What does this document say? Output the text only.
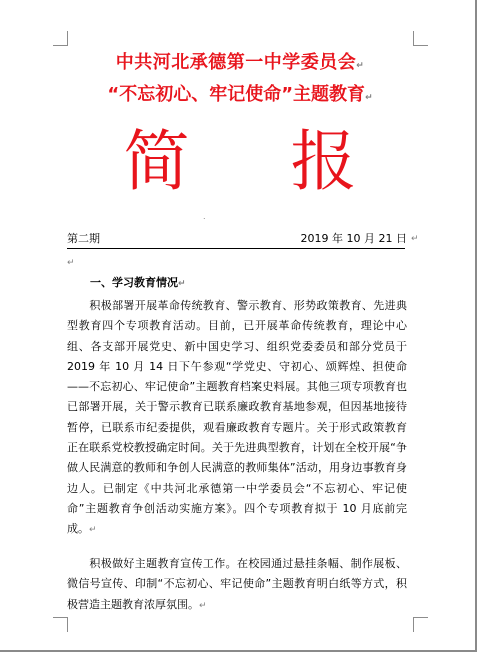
中共河北承德第一中学委员会↵
“不忘初心、牢记使命”主题教育↵
简 报
.
第二期	2019 年 10 月 21 日 ↵
↵
一、学习教育情况↵
积极部署开展革命传统教育、警示教育、形势政策教育、先进典型教育四个专项教育活动。目前，已开展革命传统教育，理论中心组、各支部开展党史、新中国史学习、组织党委委员和部分党员于 2019 年 10 月 14 日下午参观“学党史、守初心、颂辉煌、担使命——不忘初心、牢记使命”主题教育档案史料展。其他三项专项教育也已部署开展，关于警示教育已联系廉政教育基地参观，但因基地接待暂停，已联系市纪委提供，观看廉政教育专题片。关于形式政策教育正在联系党校教授确定时间。关于先进典型教育，计划在全校开展“争做人民满意的教师和争创人民满意的教师集体”活动，用身边事教育身边人。已制定《中共河北承德第一中学委员会“不忘初心、牢记使命”主题教育争创活动实施方案》。四个专项教育拟于 10 月底前完成。↵
积极做好主题教育宣传工作。在校园通过悬挂条幅、制作展板、微信号宣传、印制“不忘初心、牢记使命”主题教育明白纸等方式，积极营造主题教育浓厚氛围。↵
